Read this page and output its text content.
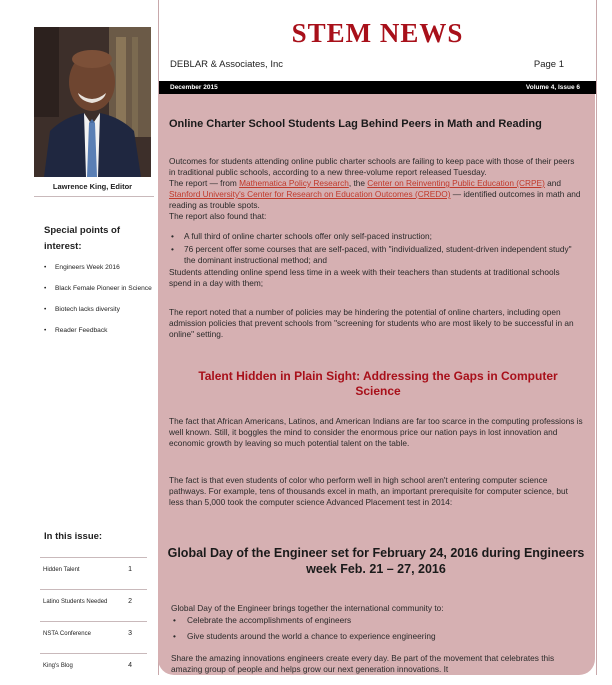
Lawrence King, Editor
Special points of interest:
• Engineers Week 2016
• Black Female Pioneer in Science
• Biotech lacks diversity
• Reader Feedback
In this issue:
Hidden Talent	1
Latino Students Needed	2
NSTA Conference	3
King's Blog	4
STEM NEWS
DEBLAR & Associates, Inc	Page 1
December 2015	Volume 4, Issue 6
Online Charter School Students Lag Behind Peers in Math and Reading

Outcomes for students attending online public charter schools are failing to keep pace with those of their peers in traditional public schools, according to a new three-volume report released Tuesday.

The report — from Mathematica Policy Research, the Center on Reinventing Public Education (CRPE) and Stanford University's Center for Research on Education Outcomes (CREDO) — identified outcomes in math and reading as trouble spots.

The report also found that:

• A full third of online charter schools offer only self-paced instruction;
• 76 percent offer some courses that are self-paced, with "individualized, student-driven independent study" the dominant instructional method; and

Students attending online spend less time in a week with their teachers than students at traditional schools spend in a day with them;

The report noted that a number of policies may be hindering the potential of online charters, including open admission policies that prevent schools from "screening for students who are most likely to be successful in an online" setting.

Talent Hidden in Plain Sight: Addressing the Gaps in Computer Science

The fact that African Americans, Latinos, and American Indians are far too scarce in the computing professions is well known. Still, it boggles the mind to consider the enormous price our nation pays in lost innovation and economic growth by leaving so much potential talent on the table.

The fact is that even students of color who perform well in high school aren't entering computer science pathways. For example, tens of thousands excel in math, an important prerequisite for computer science, but less than 5,000 took the computer science Advanced Placement test in 2014:

Global Day of the Engineer set for February 24, 2016 during Engineers week Feb. 21 – 27, 2016

Global Day of the Engineer brings together the international community to:

• Celebrate the accomplishments of engineers
• Give students around the world a chance to experience engineering

Share the amazing innovations engineers create every day. Be part of the movement that celebrates this amazing group of people and helps grow our next generation innovations. It
